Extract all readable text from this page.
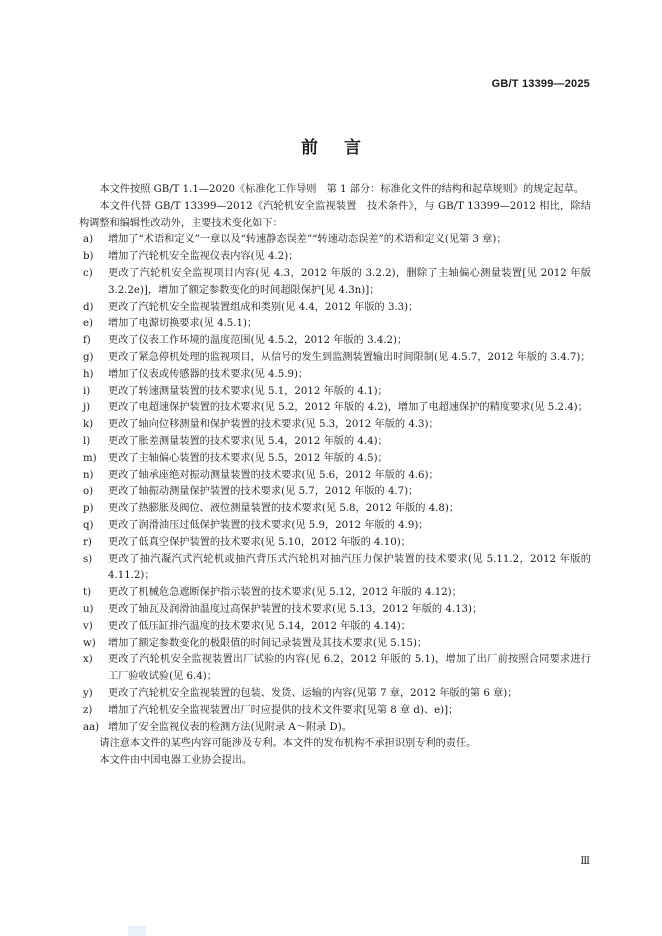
GB/T 13399—2025
前言

本文件按照 GB/T 1.1—2020《标准化工作导则　第 1 部分：标准化文件的结构和起草规则》的规定起草。

本文件代替 GB/T 13399—2012《汽轮机安全监视装置　技术条件》，与 GB/T 13399—2012 相比，除结构调整和编辑性改动外，主要技术变化如下：

a)	增加了“术语和定义”一章以及“转速静态误差”“转速动态误差”的术语和定义(见第 3 章)；
b)	增加了汽轮机安全监视仪表内容(见 4.2)；
c)	更改了汽轮机安全监视项目内容(见 4.3，2012 年版的 3.2.2)，删除了主轴偏心测量装置[见 2012 年版 3.2.2e)]，增加了额定参数变化的时间超限保护[见 4.3n)]；
d)	更改了汽轮机安全监视装置组成和类别(见 4.4，2012 年版的 3.3)；
e)	增加了电源切换要求(见 4.5.1)；
f)	更改了仪表工作环境的温度范围(见 4.5.2，2012 年版的 3.4.2)；
g)	更改了紧急停机处理的监视项目，从信号的发生到监测装置输出时间限制(见 4.5.7，2012 年版的 3.4.7)；
h)	增加了仪表或传感器的技术要求(见 4.5.9)；
i)	更改了转速测量装置的技术要求(见 5.1，2012 年版的 4.1)；
j)	更改了电超速保护装置的技术要求(见 5.2，2012 年版的 4.2)，增加了电超速保护的精度要求(见 5.2.4)；
k)	更改了轴向位移测量和保护装置的技术要求(见 5.3，2012 年版的 4.3)；
l)	更改了胀差测量装置的技术要求(见 5.4，2012 年版的 4.4)；
m)	更改了主轴偏心装置的技术要求(见 5.5，2012 年版的 4.5)；
n)	更改了轴承座绝对振动测量装置的技术要求(见 5.6，2012 年版的 4.6)；
o)	更改了轴振动测量保护装置的技术要求(见 5.7，2012 年版的 4.7)；
p)	更改了热膨胀及阀位、液位测量装置的技术要求(见 5.8，2012 年版的 4.8)；
q)	更改了润滑油压过低保护装置的技术要求(见 5.9，2012 年版的 4.9)；
r)	更改了低真空保护装置的技术要求(见 5.10，2012 年版的 4.10)；
s)	更改了抽汽凝汽式汽轮机或抽汽背压式汽轮机对抽汽压力保护装置的技术要求(见 5.11.2，2012 年版的 4.11.2)；
t)	更改了机械危急遮断保护指示装置的技术要求(见 5.12，2012 年版的 4.12)；
u)	更改了轴瓦及润滑油温度过高保护装置的技术要求(见 5.13，2012 年版的 4.13)；
v)	更改了低压缸排汽温度的技术要求(见 5.14，2012 年版的 4.14)；
w)	增加了额定参数变化的极限值的时间记录装置及其技术要求(见 5.15)；
x)	更改了汽轮机安全监视装置出厂试验的内容(见 6.2，2012 年版的 5.1)，增加了出厂前按照合同要求进行工厂验收试验(见 6.4)；
y)	更改了汽轮机安全监视装置的包装、发货、运输的内容(见第 7 章，2012 年版的第 6 章)；
z)	增加了汽轮机安全监视装置出厂时应提供的技术文件要求[见第 8 章 d)、e)]；
aa) 增加了安全监视仪表的检测方法(见附录 A～附录 D)。

请注意本文件的某些内容可能涉及专利。本文件的发布机构不承担识别专利的责任。

本文件由中国电器工业协会提出。

Ⅲ
